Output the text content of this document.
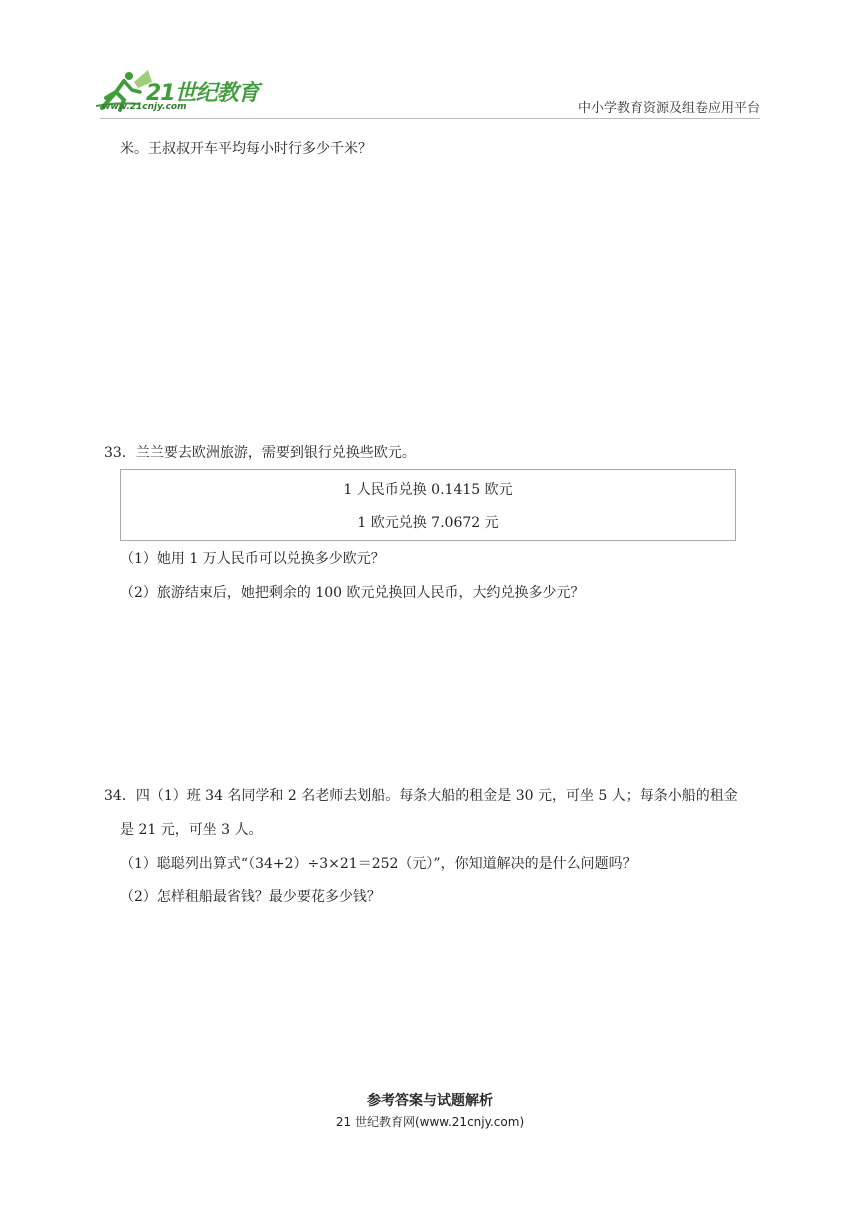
21世纪教育
www.21cnjy.com	中小学教育资源及组卷应用平台
米。王叔叔开车平均每小时行多少千米？
33．兰兰要去欧洲旅游，需要到银行兑换些欧元。
1 人民币兑换 0.1415 欧元
1 欧元兑换 7.0672 元
（1）她用 1 万人民币可以兑换多少欧元？
（2）旅游结束后，她把剩余的 100 欧元兑换回人民币，大约兑换多少元？
34．四（1）班 34 名同学和 2 名老师去划船。每条大船的租金是 30 元，可坐 5 人；每条小船的租金
是 21 元，可坐 3 人。
（1）聪聪列出算式“（34+2）÷3×21＝252（元）”，你知道解决的是什么问题吗？
（2）怎样租船最省钱？最少要花多少钱？
参考答案与试题解析
21 世纪教育网(www.21cnjy.com)
